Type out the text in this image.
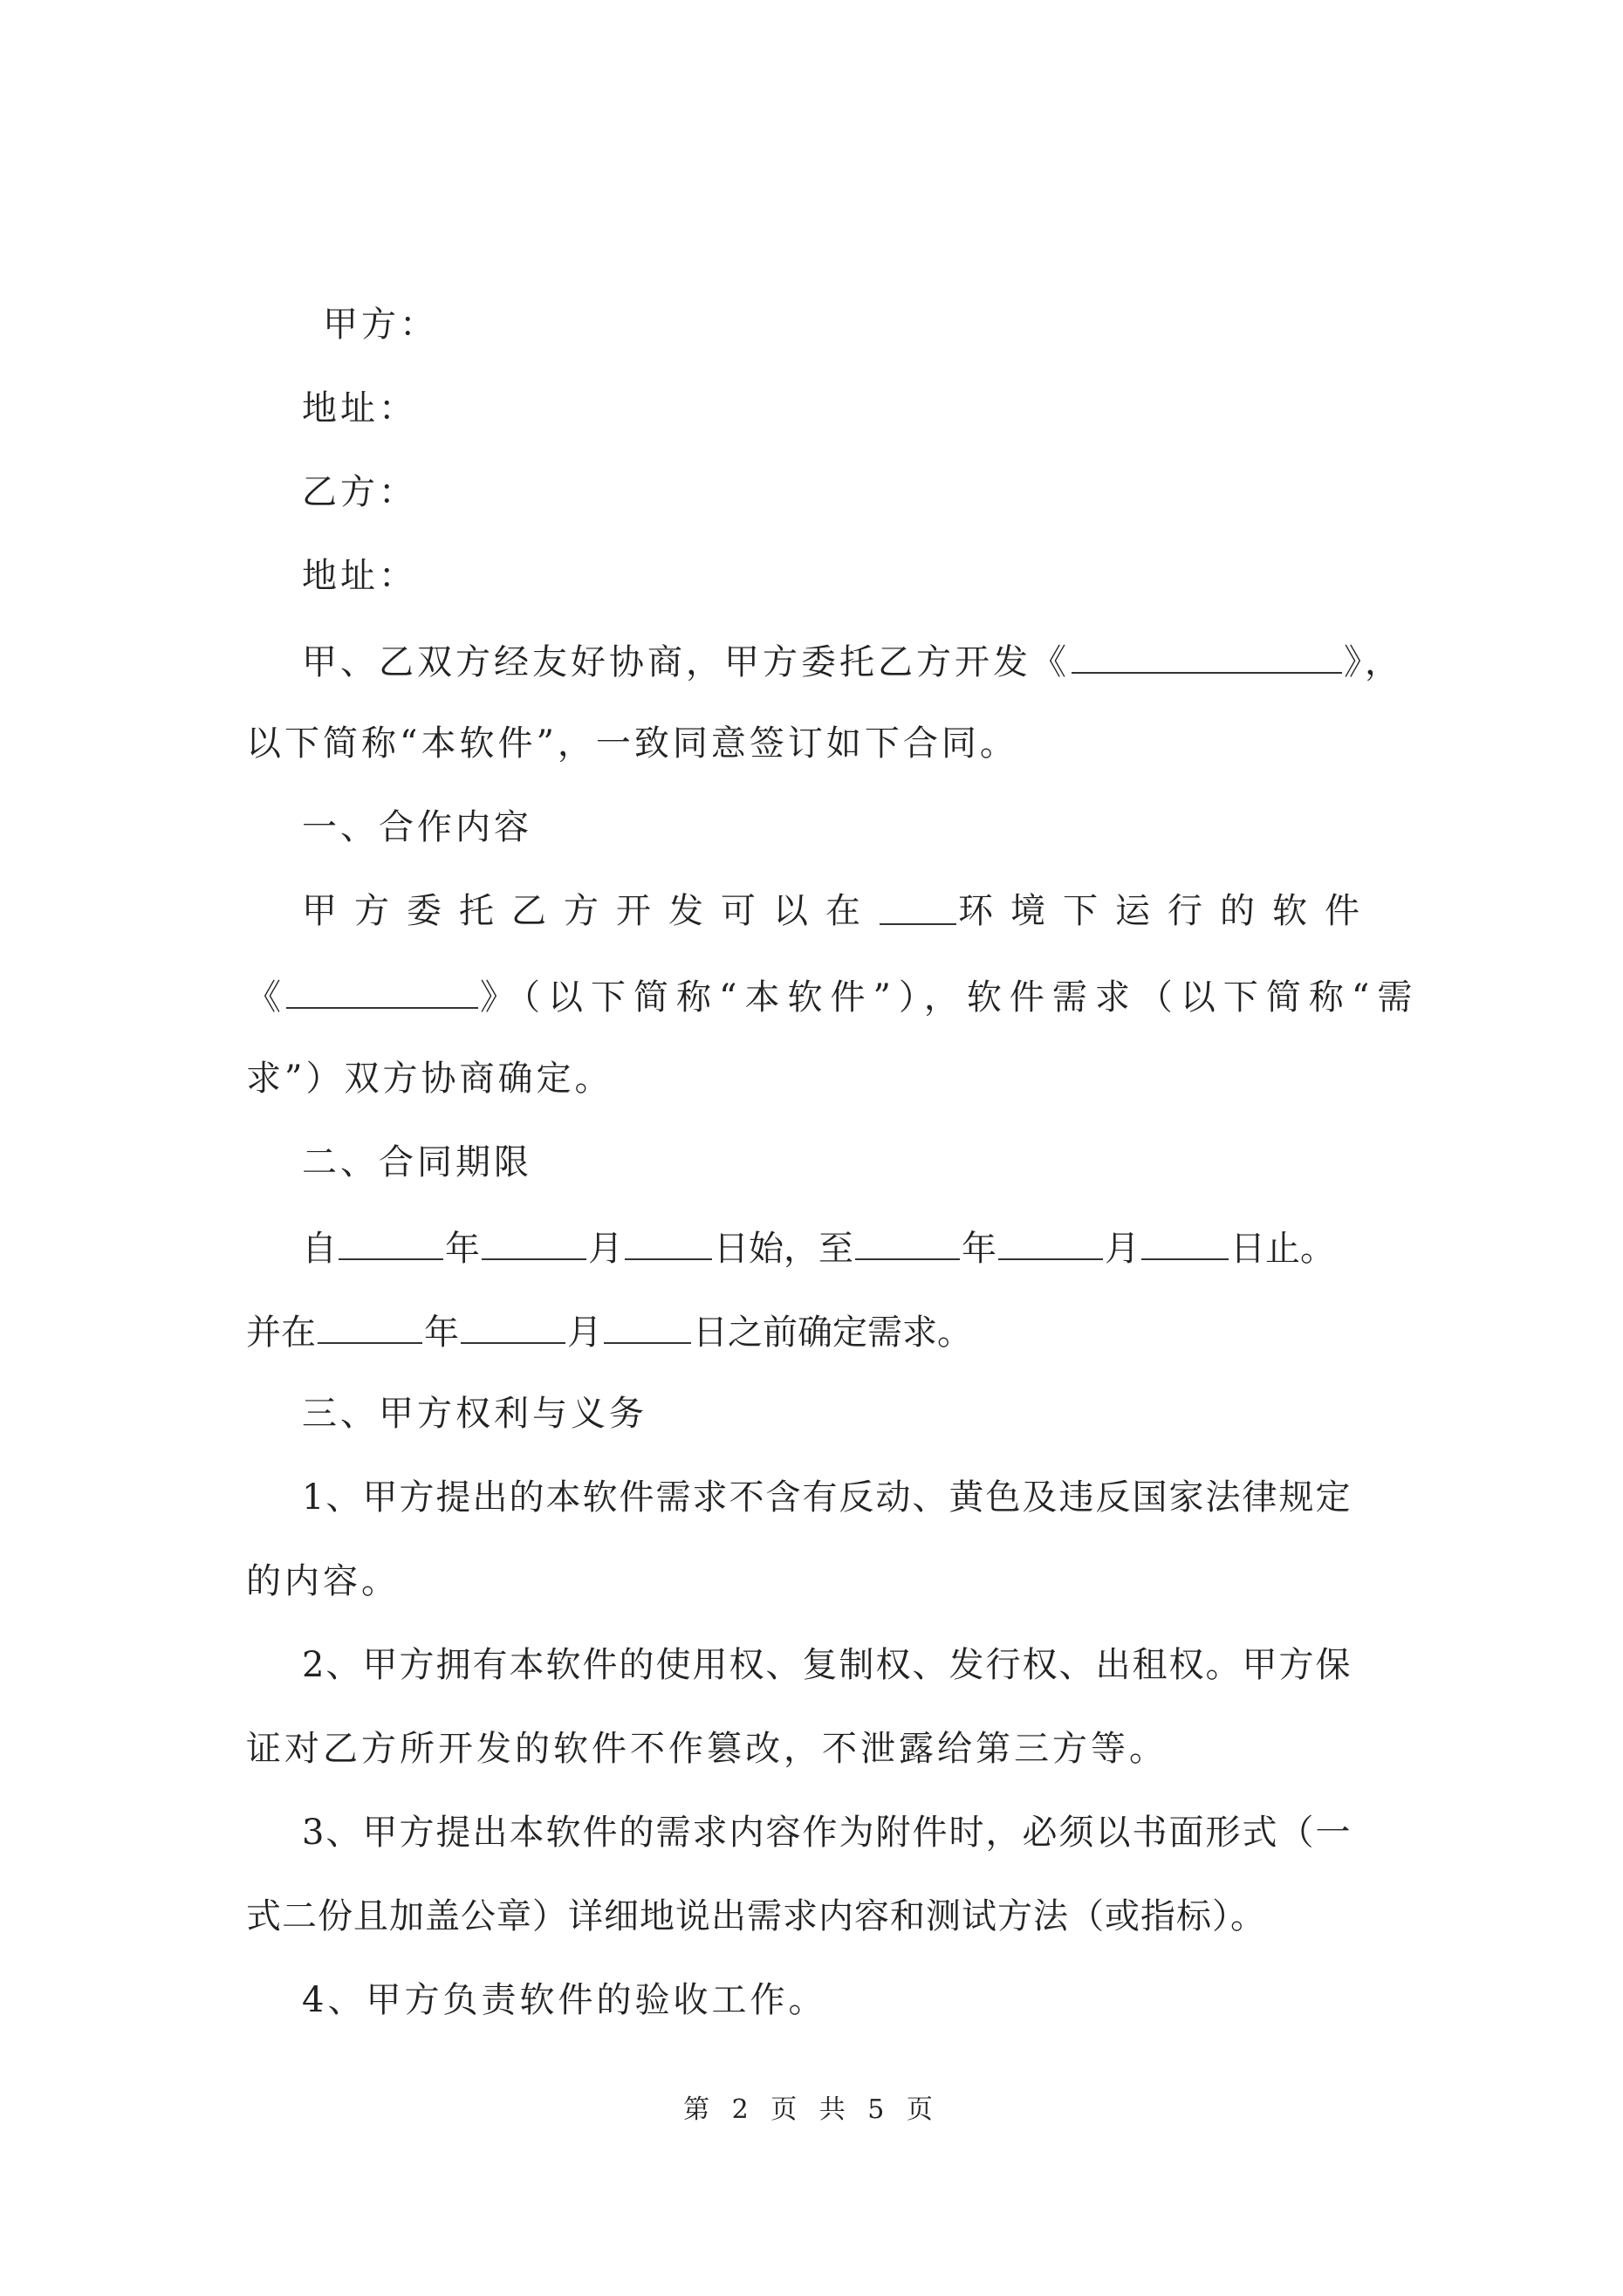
甲方：
地址：
乙方：
地址：
甲、乙双方经友好协商，甲方委托乙方开发《	》，
以下简称“本软件”，一致同意签订如下合同。
一、合作内容
甲方委托乙方开发可以在 环境下运行的软件
《	》（以下简称“本软件”），软件需求（以下简称“需
求”）双方协商确定。
二、合同期限
自	年	月	日始，至	年	月	日止。
并在	年	月	日之前确定需求。
三、甲方权利与义务
1、甲方提出的本软件需求不含有反动、黄色及违反国家法律规定
的内容。
2、甲方拥有本软件的使用权、复制权、发行权、出租权。甲方保
证对乙方所开发的软件不作篡改，不泄露给第三方等。
3、甲方提出本软件的需求内容作为附件时，必须以书面形式（一
式二份且加盖公章）详细地说出需求内容和测试方法（或指标）。
4、甲方负责软件的验收工作。
第 2 页 共 5 页
